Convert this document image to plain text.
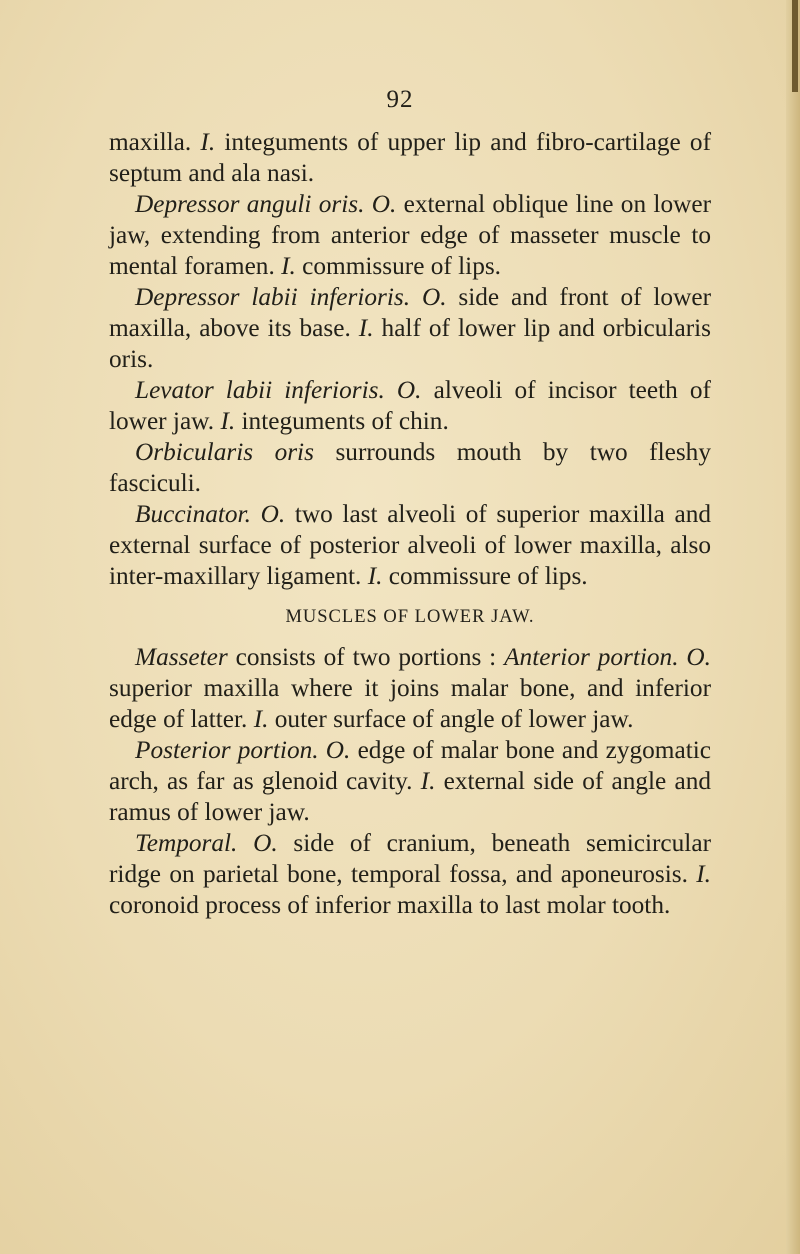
92

maxilla. I. integuments of upper lip and fibro-cartilage of septum and ala nasi.

Depressor anguli oris. O. external oblique line on lower jaw, extending from anterior edge of masseter muscle to mental foramen. I. commissure of lips.

Depressor labii inferioris. O. side and front of lower maxilla, above its base. I. half of lower lip and orbicularis oris.

Levator labii inferioris. O. alveoli of incisor teeth of lower jaw. I. integuments of chin.

Orbicularis oris surrounds mouth by two fleshy fasciculi.

Buccinator. O. two last alveoli of superior maxilla and external surface of posterior alveoli of lower maxilla, also inter-maxillary ligament. I. commissure of lips.

MUSCLES OF LOWER JAW.

Masseter consists of two portions : Anterior portion. O. superior maxilla where it joins malar bone, and inferior edge of latter. I. outer surface of angle of lower jaw.

Posterior portion. O. edge of malar bone and zygomatic arch, as far as glenoid cavity. I. external side of angle and ramus of lower jaw.

Temporal. O. side of cranium, beneath semicircular ridge on parietal bone, temporal fossa, and aponeurosis. I. coronoid process of inferior maxilla to last molar tooth.
